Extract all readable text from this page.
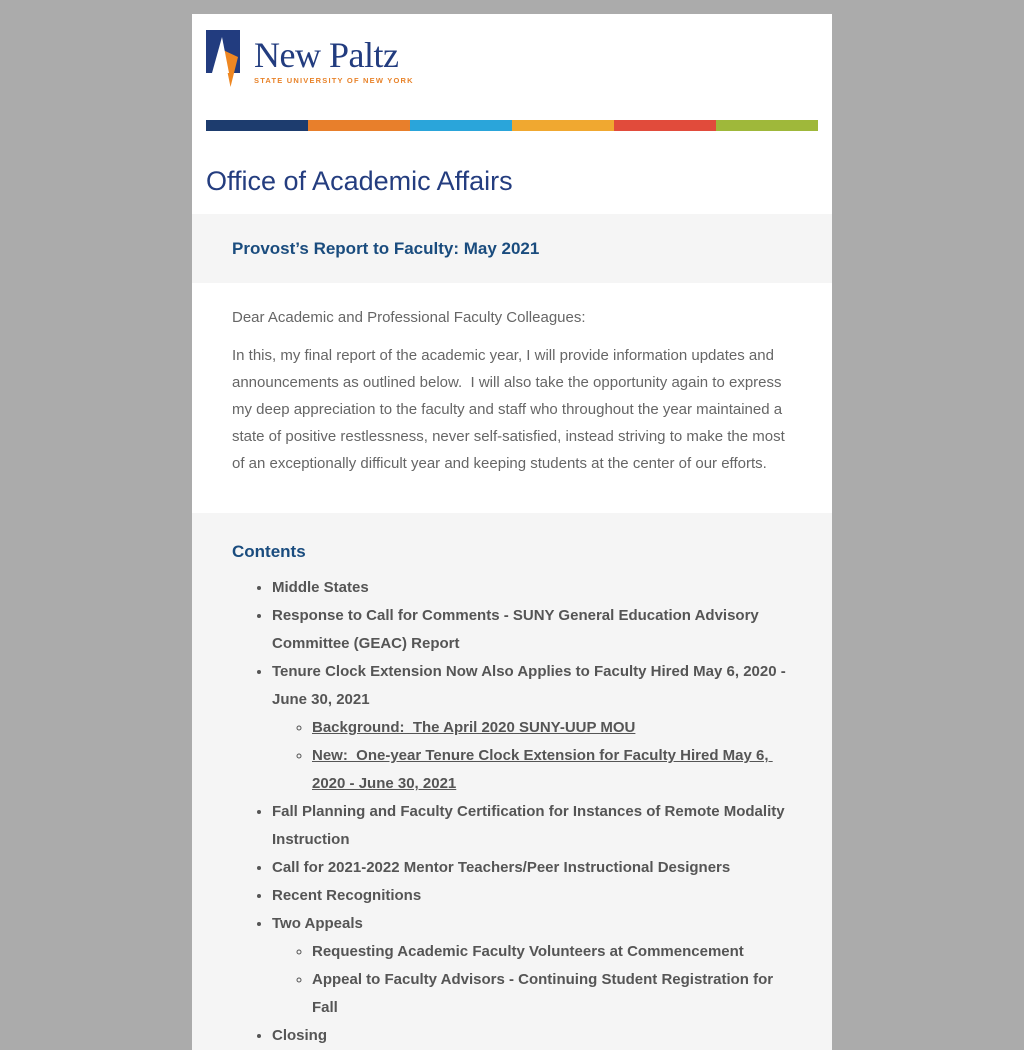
New Paltz
STATE UNIVERSITY OF NEW YORK
Office of Academic Affairs
Provost’s Report to Faculty: May 2021

Dear Academic and Professional Faculty Colleagues:

In this, my final report of the academic year, I will provide information updates and announcements as outlined below.  I will also take the opportunity again to express my deep appreciation to the faculty and staff who throughout the year maintained a state of positive restlessness, never self-satisfied, instead striving to make the most of an exceptionally difficult year and keeping students at the center of our efforts.

Contents
• Middle States
• Response to Call for Comments - SUNY General Education Advisory Committee (GEAC) Report
• Tenure Clock Extension Now Also Applies to Faculty Hired May 6, 2020 - June 30, 2021
◦ Background:  The April 2020 SUNY-UUP MOU
◦ New:  One-year Tenure Clock Extension for Faculty Hired May 6, 2020 - June 30, 2021
• Fall Planning and Faculty Certification for Instances of Remote Modality Instruction
• Call for 2021-2022 Mentor Teachers/Peer Instructional Designers
• Recent Recognitions
• Two Appeals
◦ Requesting Academic Faculty Volunteers at Commencement
◦ Appeal to Faculty Advisors - Continuing Student Registration for Fall
• Closing
